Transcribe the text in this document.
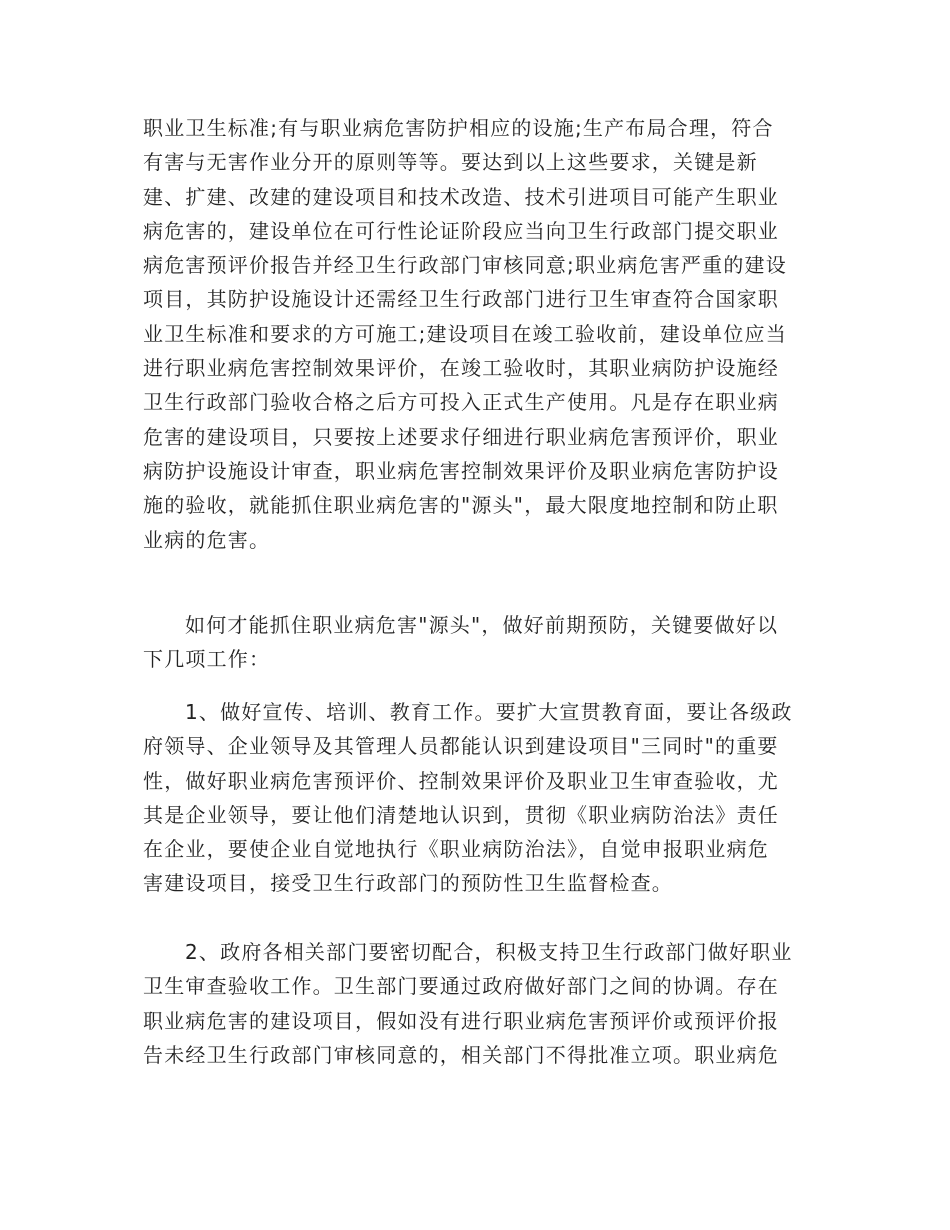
职业卫生标准;有与职业病危害防护相应的设施;生产布局合理，符合
有害与无害作业分开的原则等等。要达到以上这些要求，关键是新
建、扩建、改建的建设项目和技术改造、技术引进项目可能产生职业
病危害的，建设单位在可行性论证阶段应当向卫生行政部门提交职业
病危害预评价报告并经卫生行政部门审核同意;职业病危害严重的建设
项目，其防护设施设计还需经卫生行政部门进行卫生审查符合国家职
业卫生标准和要求的方可施工;建设项目在竣工验收前，建设单位应当
进行职业病危害控制效果评价，在竣工验收时，其职业病防护设施经
卫生行政部门验收合格之后方可投入正式生产使用。凡是存在职业病
危害的建设项目，只要按上述要求仔细进行职业病危害预评价，职业
病防护设施设计审查，职业病危害控制效果评价及职业病危害防护设
施的验收，就能抓住职业病危害的"源头"，最大限度地控制和防止职
业病的危害。
如何才能抓住职业病危害"源头"，做好前期预防，关键要做好以
下几项工作：
1、做好宣传、培训、教育工作。要扩大宣贯教育面，要让各级政
府领导、企业领导及其管理人员都能认识到建设项目"三同时"的重要
性，做好职业病危害预评价、控制效果评价及职业卫生审查验收，尤
其是企业领导，要让他们清楚地认识到，贯彻《职业病防治法》责任
在企业，要使企业自觉地执行《职业病防治法》，自觉申报职业病危
害建设项目，接受卫生行政部门的预防性卫生监督检查。
2、政府各相关部门要密切配合，积极支持卫生行政部门做好职业
卫生审查验收工作。卫生部门要通过政府做好部门之间的协调。存在
职业病危害的建设项目，假如没有进行职业病危害预评价或预评价报
告未经卫生行政部门审核同意的，相关部门不得批准立项。职业病危
